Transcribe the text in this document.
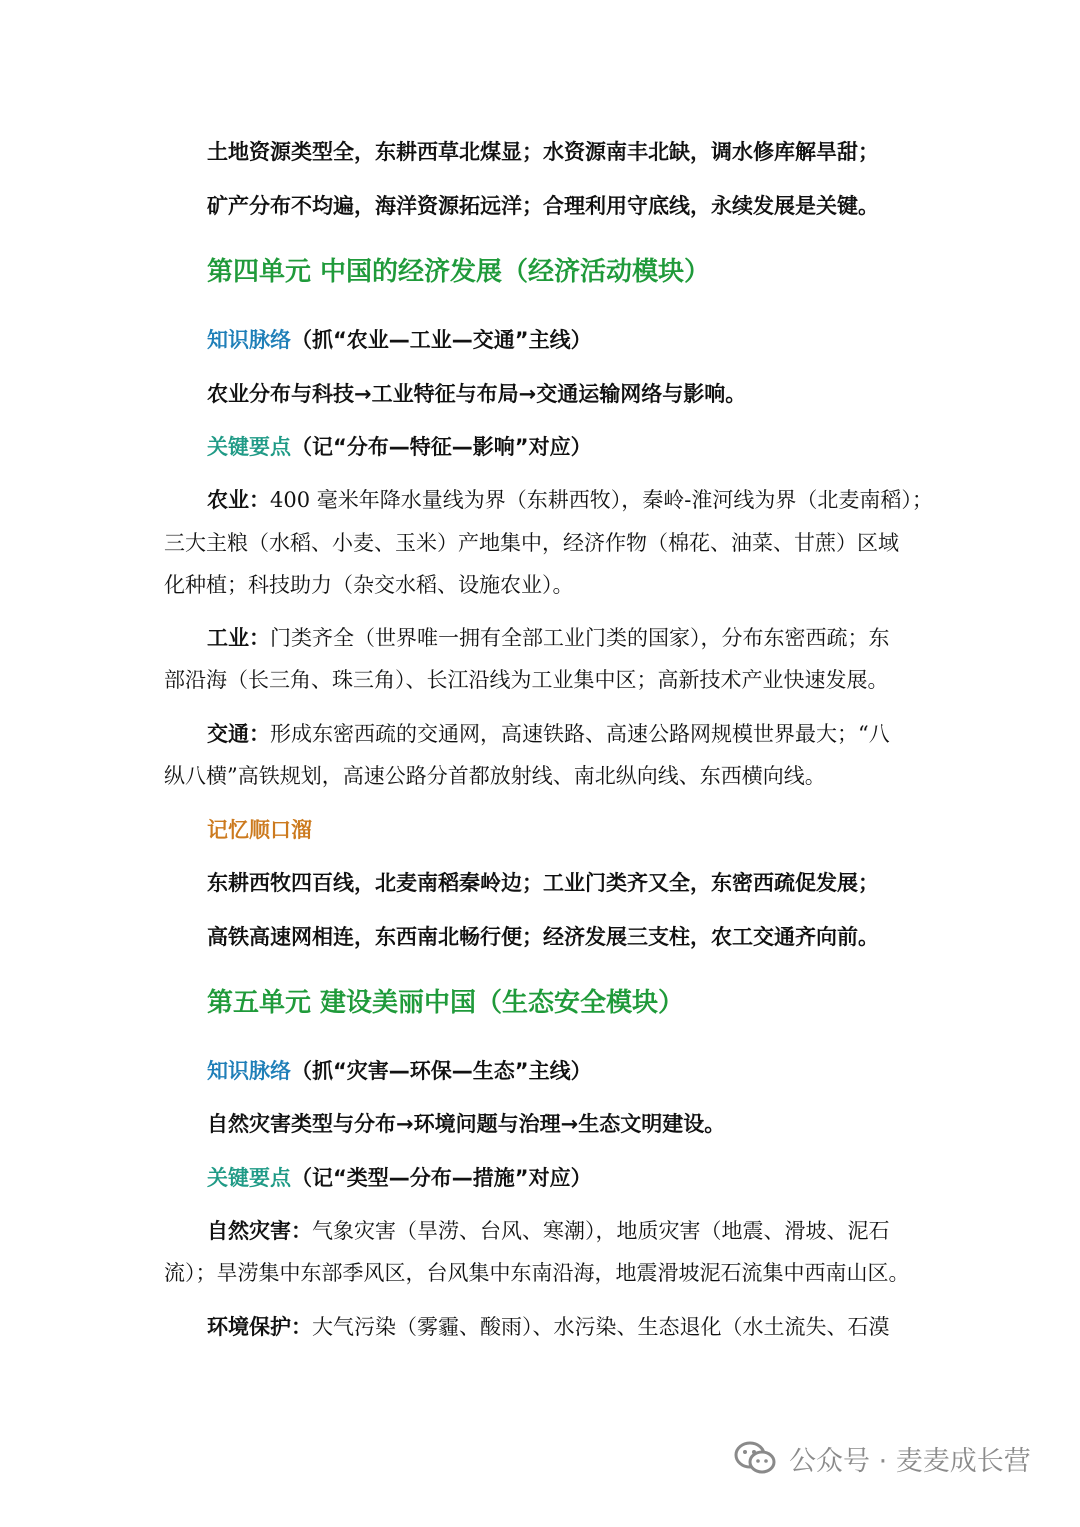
土地资源类型全，东耕西草北煤显；水资源南丰北缺，调水修库解旱甜；
矿产分布不均遍，海洋资源拓远洋；合理利用守底线，永续发展是关键。
第四单元 中国的经济发展（经济活动模块）
知识脉络（抓“农业—工业—交通”主线）
农业分布与科技→工业特征与布局→交通运输网络与影响。
关键要点（记“分布—特征—影响”对应）
农业：400 毫米年降水量线为界（东耕西牧），秦岭-淮河线为界（北麦南稻）；
三大主粮（水稻、小麦、玉米）产地集中，经济作物（棉花、油菜、甘蔗）区域
化种植；科技助力（杂交水稻、设施农业）。
工业：门类齐全（世界唯一拥有全部工业门类的国家），分布东密西疏；东
部沿海（长三角、珠三角）、长江沿线为工业集中区；高新技术产业快速发展。
交通：形成东密西疏的交通网，高速铁路、高速公路网规模世界最大；“八
纵八横”高铁规划，高速公路分首都放射线、南北纵向线、东西横向线。
记忆顺口溜
东耕西牧四百线，北麦南稻秦岭边；工业门类齐又全，东密西疏促发展；
高铁高速网相连，东西南北畅行便；经济发展三支柱，农工交通齐向前。
第五单元 建设美丽中国（生态安全模块）
知识脉络（抓“灾害—环保—生态”主线）
自然灾害类型与分布→环境问题与治理→生态文明建设。
关键要点（记“类型—分布—措施”对应）
自然灾害：气象灾害（旱涝、台风、寒潮），地质灾害（地震、滑坡、泥石
流）；旱涝集中东部季风区，台风集中东南沿海，地震滑坡泥石流集中西南山区。
环境保护：大气污染（雾霾、酸雨）、水污染、生态退化（水土流失、石漠
公众号 · 麦麦成长营
